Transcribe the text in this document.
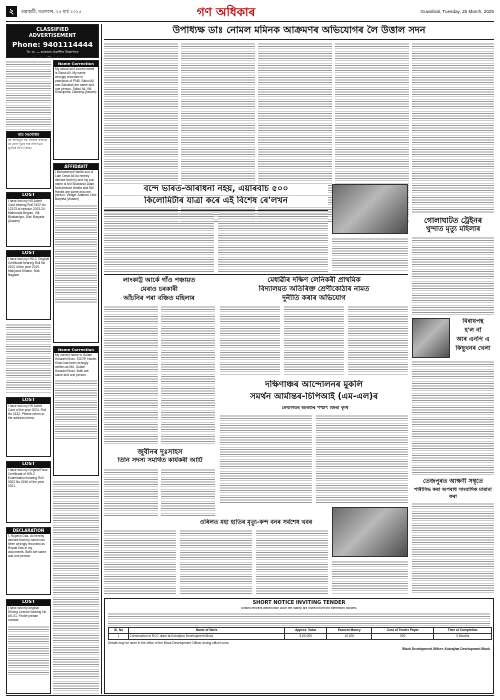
২	গুৱাহাটী, মঙলবাৰ, ২৫ মাৰ্চ ২০২৫	গণ অধিকাৰ	Guwahati, Tuesday, 25 March, 2025
CLASSIFIED
ADVERTISEMENT
Phone: 9401114444
বি: দ্ৰ: — কাকতত প্ৰকাশিত বিজ্ঞাপনৰ
সত্যতাৰ দায়িত্ব কাকতে নলয়
নাম সংশোধন
মই আমিনুল হক ঘোষণা কৰিছো যে মোৰ পুত্ৰৰ নাম নথিপত্ৰত ভুলকৈ লিখা হৈছে।
LOST
I have lost my HS Admit Card bearing Roll 0102 No 12223 of session 2023-24. Mahmuda Begum, Vill- Bhabanipur, Dist: Barpeta (Assam)
LOST
I have lost my HSLC Original Certificate bearing Roll No 0102 of the year 2019. Manjuma Khatun, Dist: Nagaon
LOST
I have lost my HS Admit Card of the year 2024, Roll No 0132. Please return to the address below.
LOST
I have lost my Original Pass Certificate of HSLC Examination bearing Roll 0302 No 0156 of the year 2021.
DECLARATION
I, Rupesh Das, do hereby declare that my name has been wrongly recorded as Rupak Das in my documents. Both are same and one person.
LOST
I have lost my original Driving Licence bearing No AS-01. Finder please contact.
Name Correction
My actual and correct name is Sabul Ali. My name wrongly recorded in passbook of PNB. Sabul Ali and Sabullah are same and one person. Sabul Ali, Vill- Kharupetia, Darrang (Assam)
AFFIDAVIT
I Mohammad Hanifa son of Late Omar Ali do hereby declare that my and my son name is Md Shahanur Alam. Mohammad Hanifa and Md Hanifa are same and one person. Village: Adabari, Dist: Barpeta (Assam)
Name Correction
My correct name is Gulam Hussain Khan. SOOP, Hasim Khan has been wrongly written as Md. Gulam Hussain Khan. Both are same and one person.
উপাধ্যক্ষ ডাঃ নোমল মমিনক আক্ৰমণৰ অভিযোগৰ লৈ উত্তাল সদন
বন্দে ভাৰত-আৰাধনা নহয়, এয়াৰবাচ ৫০০
কিলোমিটাৰ যাত্ৰা কৰে এই বিশেষ ৰে'লখন
গোলাঘাটত ট্ৰেইনৰ
খুন্দাত মৃত্যু মহিলাৰ
বিৰাধপন্থ
হ'ল নাঁ
আৰ এনপি এ
কিছুখনৰ খেলা
লাংকাট্ট আৰ্কে গাঁও পঞ্চায়ত
মেৰাও চৰকাৰী
আঁচনিৰ পৰা বঞ্চিত মহিলাৰ
মেধাৱীৰ দক্ষিণ লেনিকৰী প্ৰাথমিক
বিদ্যালয়ত অতিৰিক্ত শ্ৰেণীকোঠাৰ নামত
দুনীতি কৰাৰ অভিযোগ
দক্ষিণাঞ্চৰ আন্দোলনৰ মুকলি
সমৰ্থন আৰ্মান্তৰ-চিপিআই (এম-এল)ৰ
মেঘালয়ৰ ভাৰতৰ পশ্চাৎ জিৰী কৃষি
জুবীনৰ দুঃসাহস
তিনি সদস্য সমৰ্থিত কাৰ্যকৰী আৰ্টি
ওৰিলত মহা হাতিৰ মৃত্যু-কন্দ বনৰ সৰ্বশেষ খবৰ
তেজপুৰত আক্ষণী সম্বৃতে
শাৰীবিদ্ধ কৰা অপৰাধ সাংবাদিক মাৰামা কৰা
SHORT NOTICE INVITING TENDER
Sealed tenders affixed with court fee stamp are invited from the interested bidders.
Sl. No	Name of Work	Approx. Value	Earnest Money	Cost of Tender Paper	Time of Completion
1	Construction of RCC drain at Kokrajhar Development Block	5,00,000	10,000	500	3 Months
Details may be seen in the office of the Block Development Officer during office hours.
Block Development Officer, Kokrajhar Development Block
